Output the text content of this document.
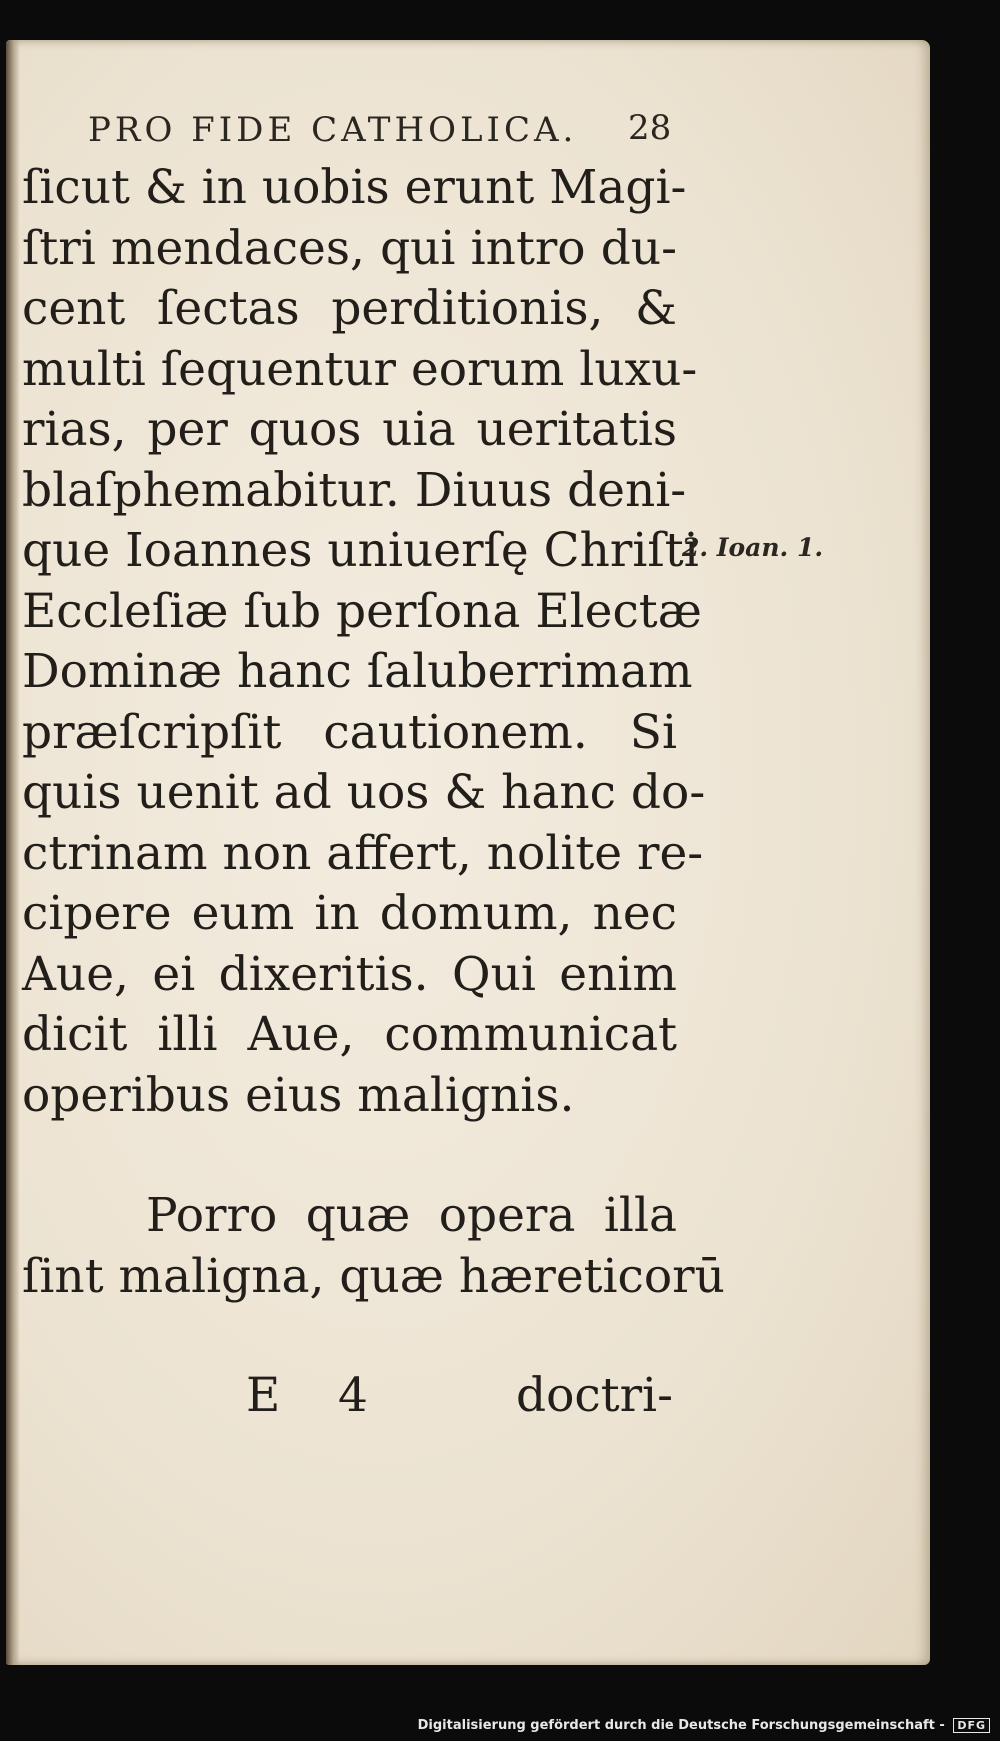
PRO FIDE CATHOLICA.	28
ſicut & in uobis erunt Magi-
ſtri mendaces, qui intro du-
cent ſectas perditionis, &
multi ſequentur eorum luxu-
rias, per quos uia ueritatis
blaſphemabitur. Diuus deni-
que Ioannes uniuerſę Chriſti
Eccleſiæ ſub perſona Electæ
Dominæ hanc ſaluberrimam
præſcripſit cautionem. Si
quis uenit ad uos & hanc do-
ctrinam non affert, nolite re-
cipere eum in domum, nec
Aue, ei dixeritis. Qui enim
dicit illi Aue, communicat
operibus eius malignis.
Porro quæ opera illa
ſint maligna, quæ hæreticorū
E 4	doctri-
2. Ioan. 1.
Digitalisierung gefördert durch die Deutsche Forschungsgemeinschaft - DFG
